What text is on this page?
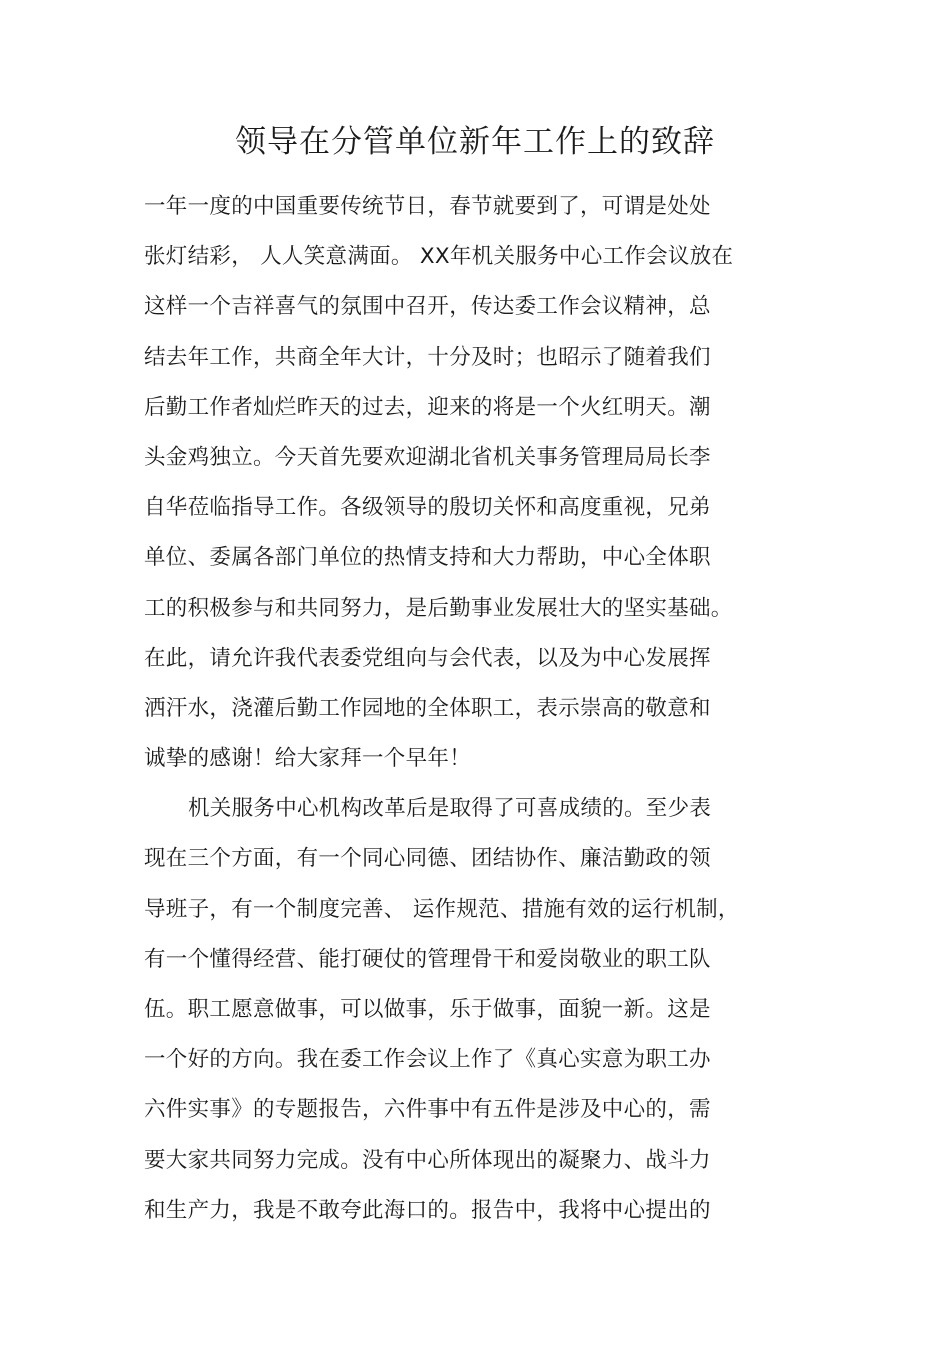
领导在分管单位新年工作上的致辞
一年一度的中国重要传统节日，春节就要到了，可谓是处处
张灯结彩， 人人笑意满面。 XX年机关服务中心工作会议放在
这样一个吉祥喜气的氛围中召开，传达委工作会议精神，总
结去年工作，共商全年大计，十分及时；也昭示了随着我们
后勤工作者灿烂昨天的过去，迎来的将是一个火红明天。潮
头金鸡独立。今天首先要欢迎湖北省机关事务管理局局长李
自华莅临指导工作。各级领导的殷切关怀和高度重视，兄弟
单位、委属各部门单位的热情支持和大力帮助，中心全体职
工的积极参与和共同努力，是后勤事业发展壮大的坚实基础。
在此，请允许我代表委党组向与会代表，以及为中心发展挥
洒汗水，浇灌后勤工作园地的全体职工，表示崇高的敬意和
诚挚的感谢！给大家拜一个早年！
机关服务中心机构改革后是取得了可喜成绩的。至少表
现在三个方面，有一个同心同德、团结协作、廉洁勤政的领
导班子，有一个制度完善、 运作规范、措施有效的运行机制，
有一个懂得经营、能打硬仗的管理骨干和爱岗敬业的职工队
伍。职工愿意做事，可以做事，乐于做事，面貌一新。这是
一个好的方向。我在委工作会议上作了《真心实意为职工办
六件实事》的专题报告，六件事中有五件是涉及中心的，需
要大家共同努力完成。没有中心所体现出的凝聚力、战斗力
和生产力，我是不敢夸此海口的。报告中，我将中心提出的
